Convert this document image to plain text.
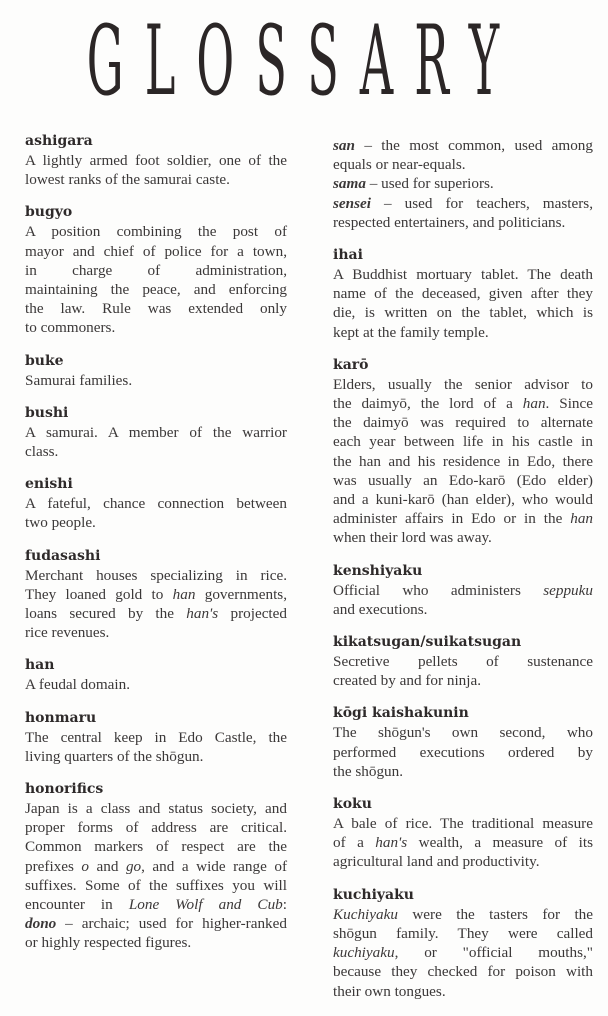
GLOSSARY
ashigara
A lightly armed foot soldier, one of the
lowest ranks of the samurai caste.
bugyo
A position combining the post of
mayor and chief of police for a town,
in charge of administration,
maintaining the peace, and enforcing
the law. Rule was extended only
to commoners.
buke
Samurai families.
bushi
A samurai. A member of the warrior
class.
enishi
A fateful, chance connection between
two people.
fudasashi
Merchant houses specializing in rice.
They loaned gold to han governments,
loans secured by the han's projected
rice revenues.
han
A feudal domain.
honmaru
The central keep in Edo Castle, the
living quarters of the shōgun.
honorifics
Japan is a class and status society, and
proper forms of address are critical.
Common markers of respect are the
prefixes o and go, and a wide range of
suffixes. Some of the suffixes you will
encounter in Lone Wolf and Cub:
dono – archaic; used for higher-ranked
or highly respected figures.
san – the most common, used among
equals or near-equals.
sama – used for superiors.
sensei – used for teachers, masters,
respected entertainers, and politicians.
ihai
A Buddhist mortuary tablet. The death
name of the deceased, given after they
die, is written on the tablet, which is
kept at the family temple.
karō
Elders, usually the senior advisor to
the daimyō, the lord of a han. Since
the daimyō was required to alternate
each year between life in his castle in
the han and his residence in Edo, there
was usually an Edo-karō (Edo elder)
and a kuni-karō (han elder), who would
administer affairs in Edo or in the han
when their lord was away.
kenshiyaku
Official who administers seppuku
and executions.
kikatsugan/suikatsugan
Secretive pellets of sustenance
created by and for ninja.
kōgi kaishakunin
The shōgun's own second, who
performed executions ordered by
the shōgun.
koku
A bale of rice. The traditional measure
of a han's wealth, a measure of its
agricultural land and productivity.
kuchiyaku
Kuchiyaku were the tasters for the
shōgun family. They were called
kuchiyaku, or "official mouths,"
because they checked for poison with
their own tongues.
